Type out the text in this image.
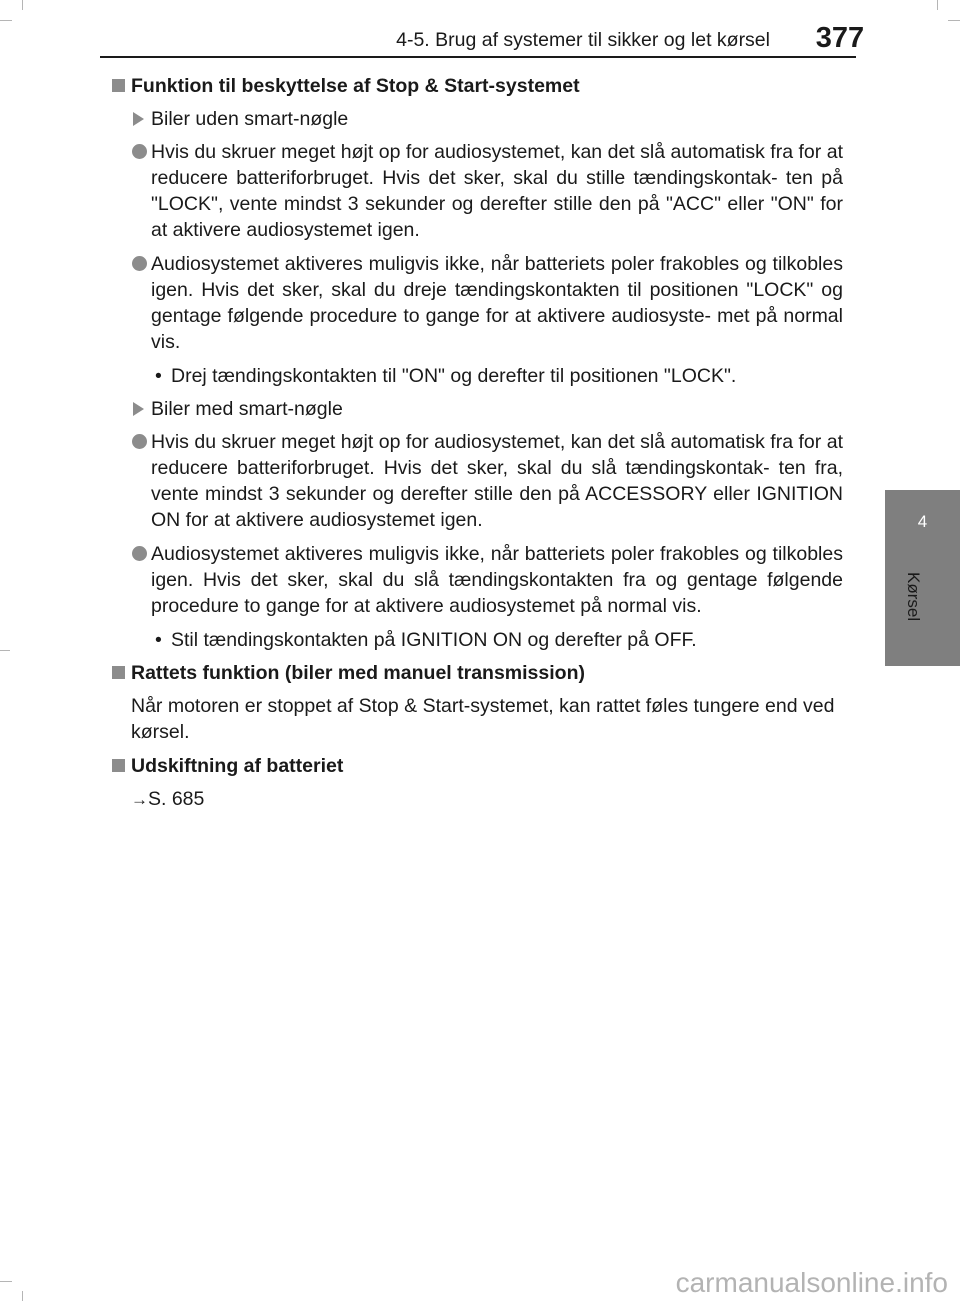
4-5. Brug af systemer til sikker og let kørsel	377
4
Kørsel
Funktion til beskyttelse af Stop & Start-systemet
Biler uden smart-nøgle
Hvis du skruer meget højt op for audiosystemet, kan det slå automatisk fra for at reducere batteriforbruget. Hvis det sker, skal du stille tændingskontak- ten på "LOCK", vente mindst 3 sekunder og derefter stille den på "ACC" eller "ON" for at aktivere audiosystemet igen.
Audiosystemet aktiveres muligvis ikke, når batteriets poler frakobles og tilkobles igen. Hvis det sker, skal du dreje tændingskontakten til positionen "LOCK" og gentage følgende procedure to gange for at aktivere audiosyste- met på normal vis.
• Drej tændingskontakten til "ON" og derefter til positionen "LOCK".
Biler med smart-nøgle
Hvis du skruer meget højt op for audiosystemet, kan det slå automatisk fra for at reducere batteriforbruget. Hvis det sker, skal du slå tændingskontak- ten fra, vente mindst 3 sekunder og derefter stille den på ACCESSORY eller IGNITION ON for at aktivere audiosystemet igen.
Audiosystemet aktiveres muligvis ikke, når batteriets poler frakobles og tilkobles igen. Hvis det sker, skal du slå tændingskontakten fra og gentage følgende procedure to gange for at aktivere audiosystemet på normal vis.
• Stil tændingskontakten på IGNITION ON og derefter på OFF.
Rattets funktion (biler med manuel transmission)
Når motoren er stoppet af Stop & Start-systemet, kan rattet føles tungere end ved kørsel.
Udskiftning af batteriet
→S. 685
carmanualsonline.info
